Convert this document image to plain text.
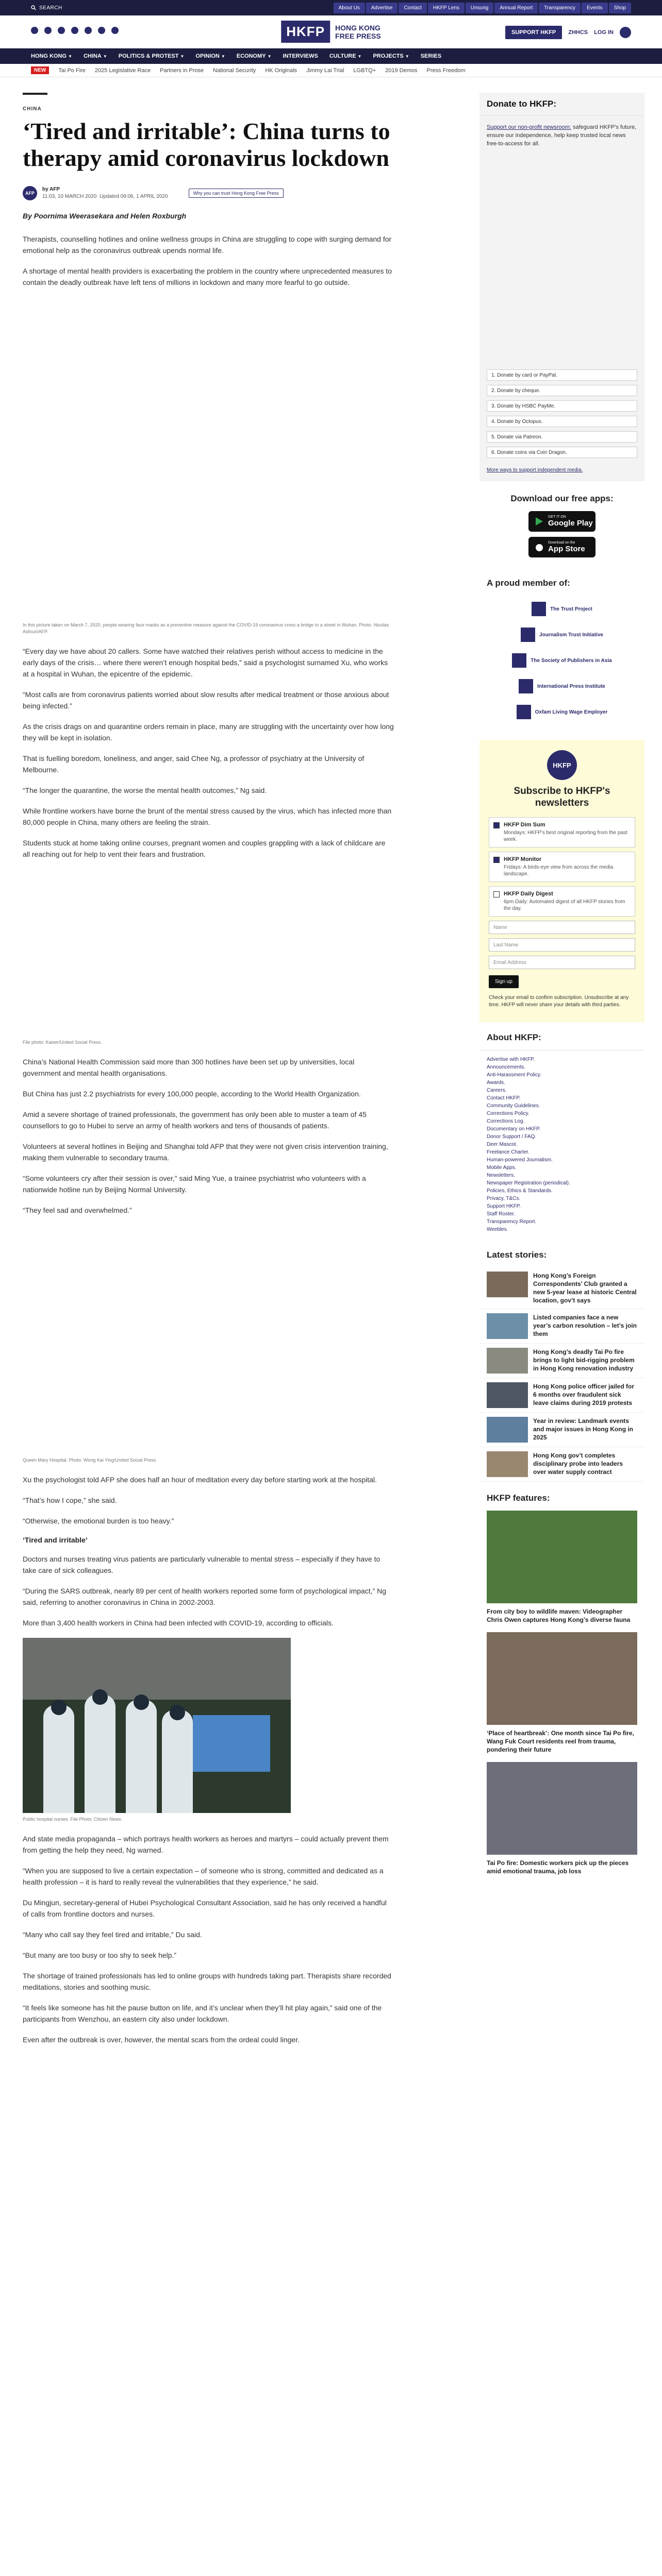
SEARCH	About Us	Advertise	Contact	HKFP Lens	Unsung	Annual Report	Transparency	Events	Shop
HKFP	HONG KONG
FREE PRESS	SUPPORT HKFP	ZHHCS LOG IN
HONG KONG ▼ CHINA ▼ POLITICS & PROTEST ▼ OPINION ▼ ECONOMY ▼ INTERVIEWS CULTURE ▼ PROJECTS ▼ SERIES
NEW	Tai Po Fire 2025 Legislative Race Partners in Prose National Security HK Originals Jimmy Lai Trial LGBTQ+ 2019 Demos Press Freedom
CHINA
‘Tired and irritable’: China turns to therapy amid coronavirus lockdown
AFP
by AFP
11:03, 10 MARCH 2020 Updated 09:06, 1 APRIL 2020
Why you can trust Hong Kong Free Press
By Poornima Weerasekara and Helen Roxburgh

Therapists, counselling hotlines and online wellness groups in China are struggling to cope with surging demand for emotional help as the coronavirus outbreak upends normal life.

A shortage of mental health providers is exacerbating the problem in the country where unprecedented measures to contain the deadly outbreak have left tens of millions in lockdown and many more fearful to go outside.

In this picture taken on March 7, 2020, people wearing face masks as a preventive measure against the COVID-19 coronavirus cross a bridge to a street in Wuhan. Photo: Nicolas Asfouri/AFP.

“Every day we have about 20 callers. Some have watched their relatives perish without access to medicine in the early days of the crisis… where there weren’t enough hospital beds,” said a psychologist surnamed Xu, who works at a hospital in Wuhan, the epicentre of the epidemic.

“Most calls are from coronavirus patients worried about slow results after medical treatment or those anxious about being infected.”

As the crisis drags on and quarantine orders remain in place, many are struggling with the uncertainty over how long they will be kept in isolation.

That is fuelling boredom, loneliness, and anger, said Chee Ng, a professor of psychiatry at the University of Melbourne.

“The longer the quarantine, the worse the mental health outcomes,” Ng said.

While frontline workers have borne the brunt of the mental stress caused by the virus, which has infected more than 80,000 people in China, many others are feeling the strain.

Students stuck at home taking online courses, pregnant women and couples grappling with a lack of childcare are all reaching out for help to vent their fears and frustration.

File photo: Kaiser/United Social Press.

China’s National Health Commission said more than 300 hotlines have been set up by universities, local government and mental health organisations.

But China has just 2.2 psychiatrists for every 100,000 people, according to the World Health Organization.

Amid a severe shortage of trained professionals, the government has only been able to muster a team of 45 counsellors to go to Hubei to serve an army of health workers and tens of thousands of patients.

Volunteers at several hotlines in Beijing and Shanghai told AFP that they were not given crisis intervention training, making them vulnerable to secondary trauma.

“Some volunteers cry after their session is over,” said Ming Yue, a trainee psychiatrist who volunteers with a nationwide hotline run by Beijing Normal University.

“They feel sad and overwhelmed.”

Queen Mary Hospital. Photo: Wong Kai Ying/United Social Press.

Xu the psychologist told AFP she does half an hour of meditation every day before starting work at the hospital.

“That’s how I cope,” she said.

“Otherwise, the emotional burden is too heavy.”

‘Tired and irritable’

Doctors and nurses treating virus patients are particularly vulnerable to mental stress – especially if they have to take care of sick colleagues.

“During the SARS outbreak, nearly 89 per cent of health workers reported some form of psychological impact,” Ng said, referring to another coronavirus in China in 2002-2003.

More than 3,400 health workers in China had been infected with COVID-19, according to officials.

Public hospital nurses. File Photo: Citizen News.

And state media propaganda – which portrays health workers as heroes and martyrs – could actually prevent them from getting the help they need, Ng warned.

“When you are supposed to live a certain expectation – of someone who is strong, committed and dedicated as a health profession – it is hard to really reveal the vulnerabilities that they experience,” he said.

Du Mingjun, secretary-general of Hubei Psychological Consultant Association, said he has only received a handful of calls from frontline doctors and nurses.

“Many who call say they feel tired and irritable,” Du said.

“But many are too busy or too shy to seek help.”

The shortage of trained professionals has led to online groups with hundreds taking part. Therapists share recorded meditations, stories and soothing music.

“It feels like someone has hit the pause button on life, and it’s unclear when they’ll hit play again,” said one of the participants from Wenzhou, an eastern city also under lockdown.

Even after the outbreak is over, however, the mental scars from the ordeal could linger.

Donate to HKFP:
Support our non-profit newsroom: safeguard HKFP’s future, ensure our independence, help keep trusted local news free-to-access for all.
1. Donate by card or PayPal.
2. Donate by cheque.
3. Donate by HSBC PayMe.
4. Donate by Octopus.
5. Donate via Patreon.
6. Donate coins via Coin Dragon.
More ways to support independent media.
Download our free apps:
GET IT ON
Google Play
Download on the
App Store
A proud member of:
The Trust Project
Journalism Trust Initiative
The Society of Publishers in Asia
International Press Institute
Oxfam Living Wage Employer
HKFP
Subscribe to HKFP's newsletters
HKFP Dim Sum
Mondays: HKFP's best original reporting from the past week.
HKFP Monitor
Fridays: A birds-eye view from across the media landscape.
HKFP Daily Digest
6pm Daily: Automated digest of all HKFP stories from the day.
Name
Last Name
Email Address
Sign up
Check your email to confirm subscription. Unsubscribe at any time. HKFP will never share your details with third parties.
About HKFP:
Advertise with HKFP.
Announcements.
Anti-Harassment Policy.
Awards.
Careers.
Contact HKFP.
Community Guidelines.
Corrections Policy.
Corrections Log.
Documentary on HKFP.
Donor Support / FAQ.
Deer Mascot.
Freelance Charter.
Human-powered Journalism.
Mobile Apps.
Newsletters.
Newspaper Registration (periodical).
Policies, Ethics & Standards.
Privacy, T&Cs.
Support HKFP.
Staff Roster.
Transparency Report.
Weebles.
Latest stories:
Hong Kong’s Foreign Correspondents’ Club granted a new 5-year lease at historic Central location, gov’t says
Listed companies face a new year’s carbon resolution – let’s join them
Hong Kong’s deadly Tai Po fire brings to light bid-rigging problem in Hong Kong renovation industry
Hong Kong police officer jailed for 6 months over fraudulent sick leave claims during 2019 protests
Year in review: Landmark events and major issues in Hong Kong in 2025
Hong Kong gov’t completes disciplinary probe into leaders over water supply contract
HKFP features:
From city boy to wildlife maven: Videographer Chris Owen captures Hong Kong’s diverse fauna
‘Place of heartbreak’: One month since Tai Po fire, Wang Fuk Court residents reel from trauma, pondering their future
Tai Po fire: Domestic workers pick up the pieces amid emotional trauma, job loss
